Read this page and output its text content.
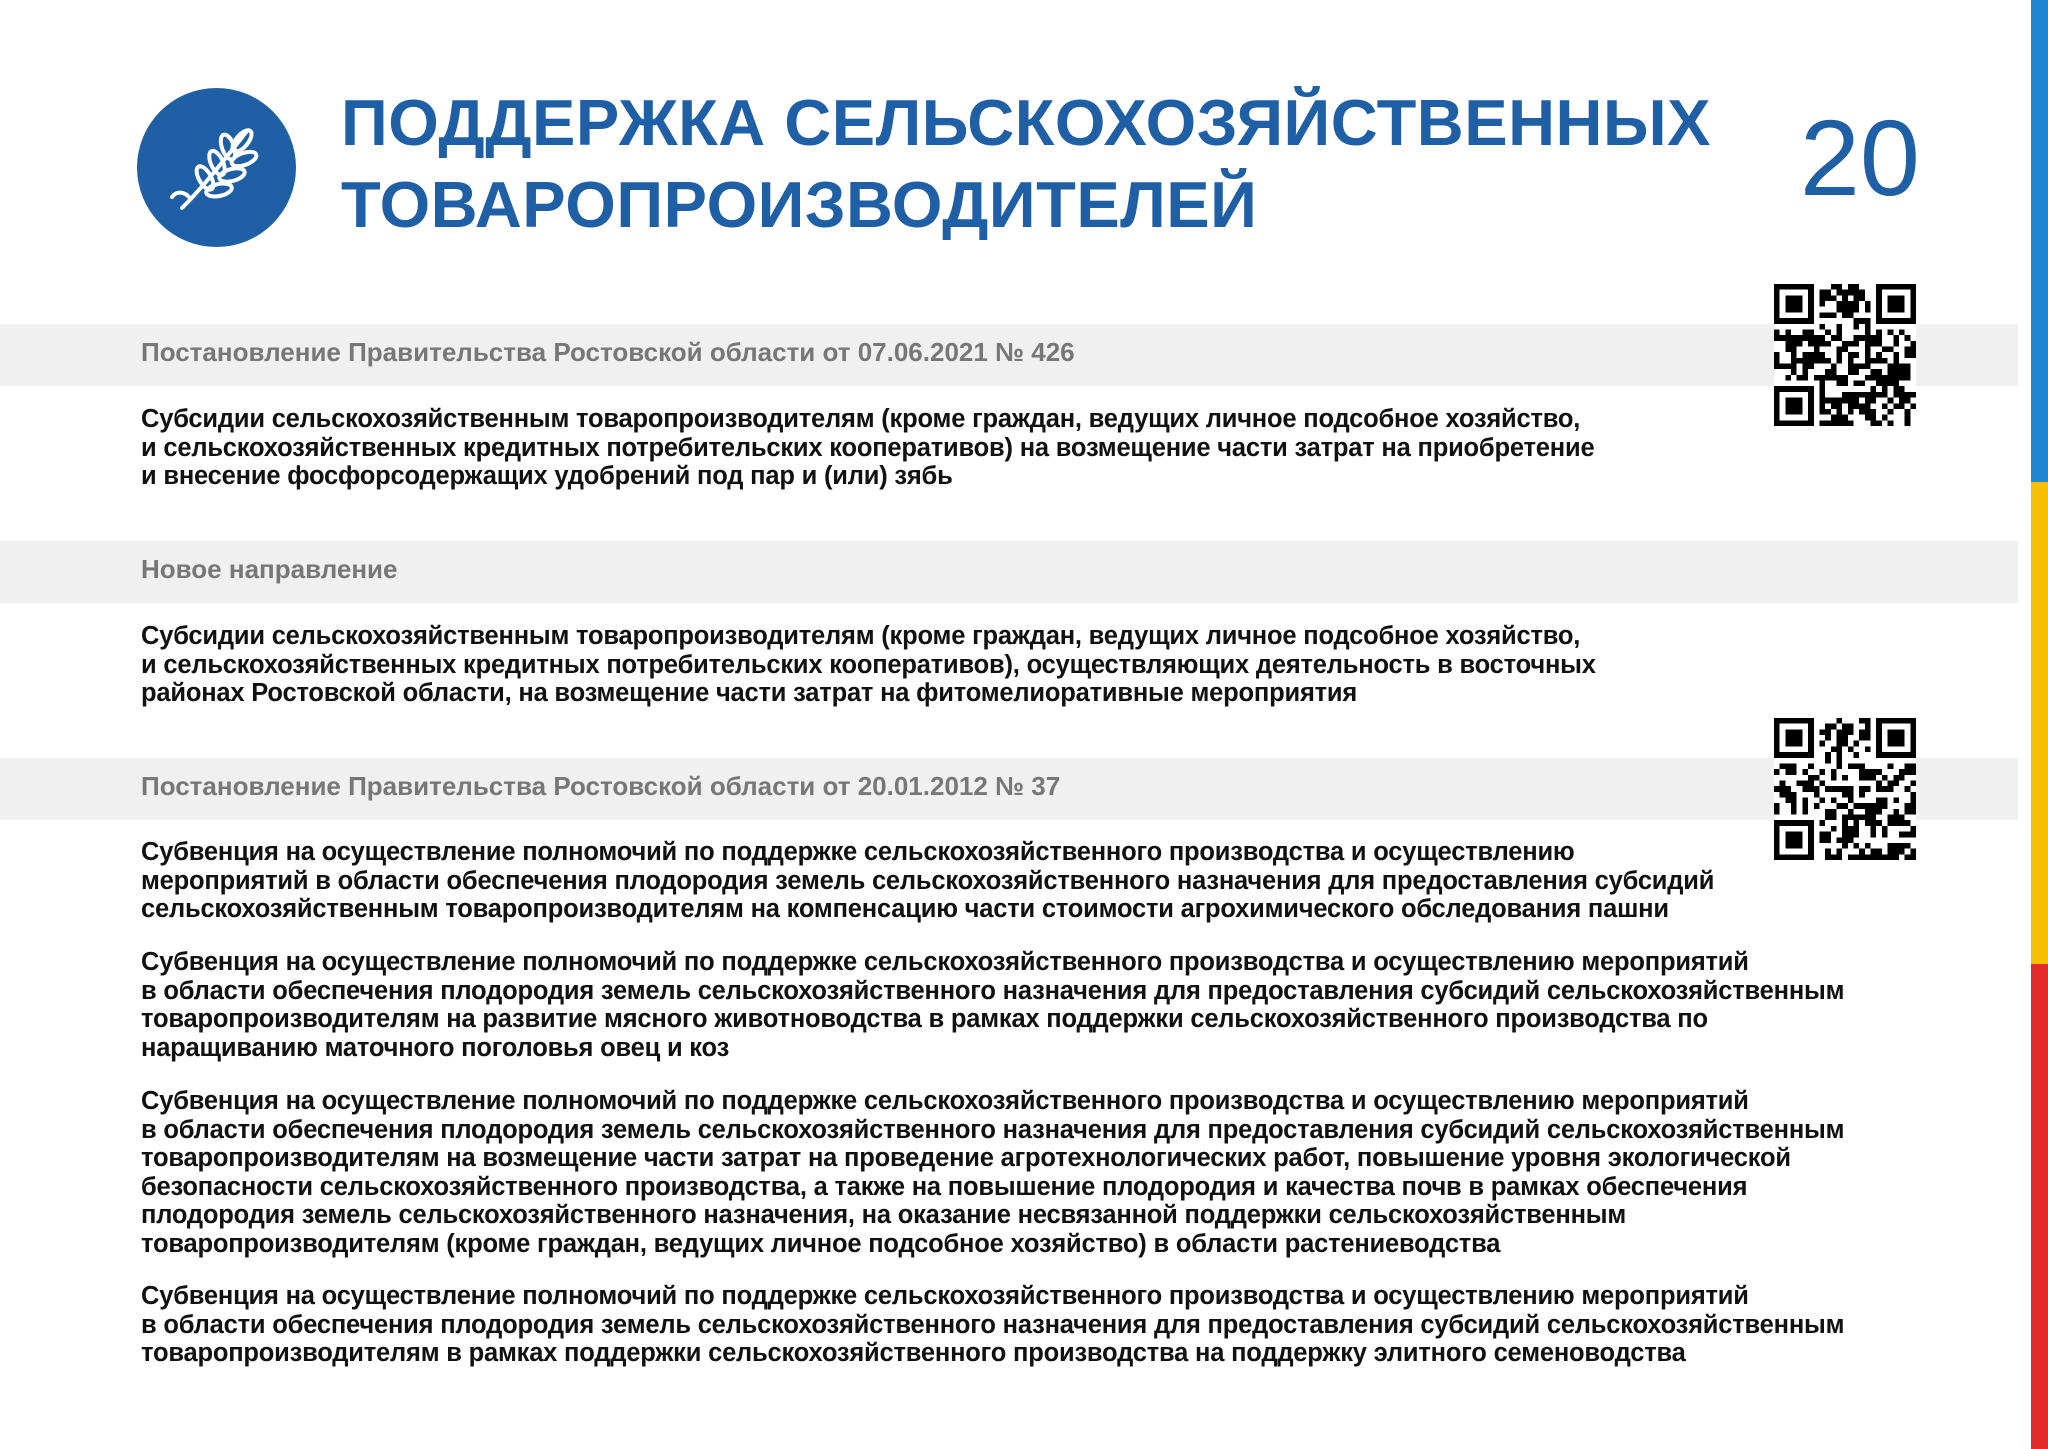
ПОДДЕРЖКА СЕЛЬСКОХОЗЯЙСТВЕННЫХ
ТОВАРОПРОИЗВОДИТЕЛЕЙ	20
Постановление Правительства Ростовской области от 07.06.2021 № 426
Субсидии сельскохозяйственным товаропроизводителям (кроме граждан, ведущих личное подсобное хозяйство,
и сельскохозяйственных кредитных потребительских кооперативов) на возмещение части затрат на приобретение
и внесение фосфорсодержащих удобрений под пар и (или) зябь
Новое направление
Субсидии сельскохозяйственным товаропроизводителям (кроме граждан, ведущих личное подсобное хозяйство,
и сельскохозяйственных кредитных потребительских кооперативов), осуществляющих деятельность в восточных
районах Ростовской области, на возмещение части затрат на фитомелиоративные мероприятия
Постановление Правительства Ростовской области от 20.01.2012 № 37
Субвенция на осуществление полномочий по поддержке сельскохозяйственного производства и осуществлению
мероприятий в области обеспечения плодородия земель сельскохозяйственного назначения для предоставления субсидий
сельскохозяйственным товаропроизводителям на компенсацию части стоимости агрохимического обследования пашни
Субвенция на осуществление полномочий по поддержке сельскохозяйственного производства и осуществлению мероприятий
в области обеспечения плодородия земель сельскохозяйственного назначения для предоставления субсидий сельскохозяйственным
товаропроизводителям на развитие мясного животноводства в рамках поддержки сельскохозяйственного производства по
наращиванию маточного поголовья овец и коз
Субвенция на осуществление полномочий по поддержке сельскохозяйственного производства и осуществлению мероприятий
в области обеспечения плодородия земель сельскохозяйственного назначения для предоставления субсидий сельскохозяйственным
товаропроизводителям на возмещение части затрат на проведение агротехнологических работ, повышение уровня экологической
безопасности сельскохозяйственного производства, а также на повышение плодородия и качества почв в рамках обеспечения
плодородия земель сельскохозяйственного назначения, на оказание несвязанной поддержки сельскохозяйственным
товаропроизводителям (кроме граждан, ведущих личное подсобное хозяйство) в области растениеводства
Субвенция на осуществление полномочий по поддержке сельскохозяйственного производства и осуществлению мероприятий
в области обеспечения плодородия земель сельскохозяйственного назначения для предоставления субсидий сельскохозяйственным
товаропроизводителям в рамках поддержки сельскохозяйственного производства на поддержку элитного семеноводства
